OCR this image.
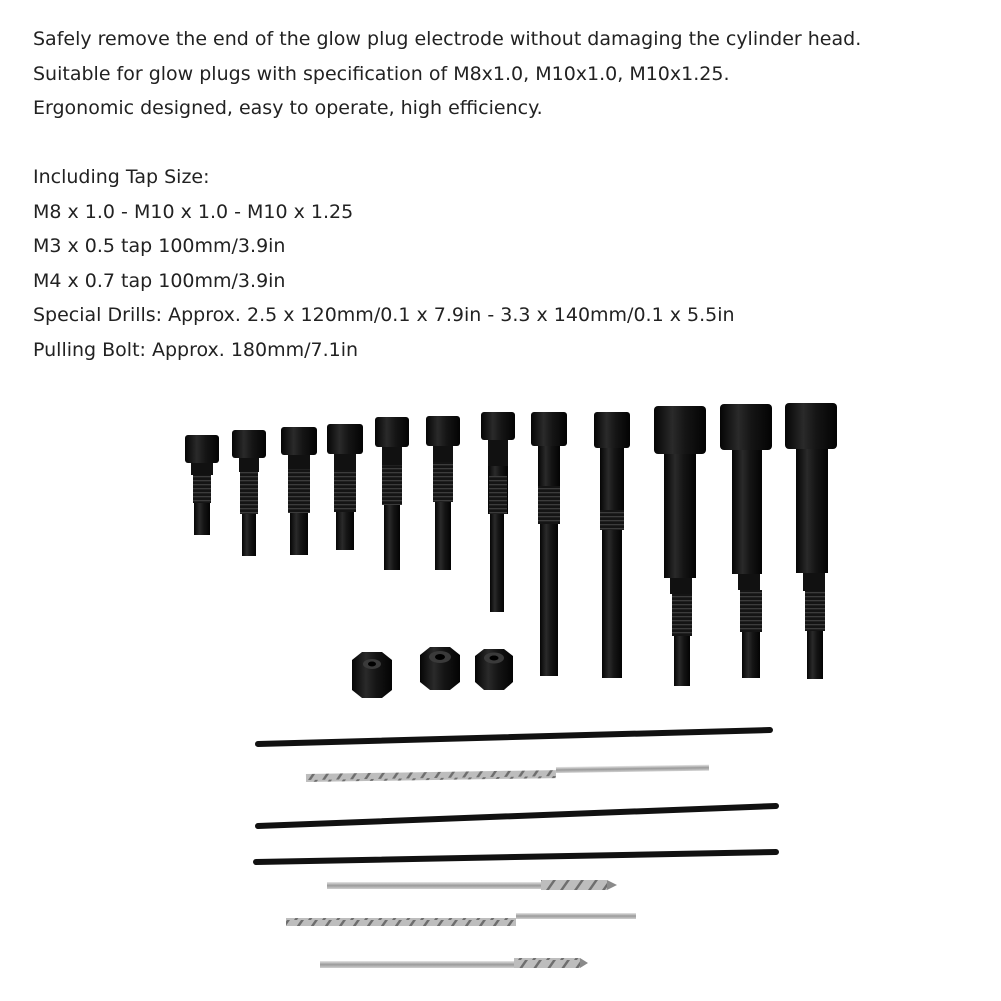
Safely remove the end of the glow plug electrode without damaging the cylinder head.

Suitable for glow plugs with specification of M8x1.0, M10x1.0, M10x1.25.

Ergonomic designed, easy to operate, high efficiency.

Including Tap Size:

M8 x 1.0 - M10 x 1.0 - M10 x 1.25

M3 x 0.5 tap 100mm/3.9in

M4 x 0.7 tap 100mm/3.9in

Special Drills: Approx. 2.5 x 120mm/0.1 x 7.9in - 3.3 x 140mm/0.1 x 5.5in

Pulling Bolt: Approx. 180mm/7.1in
